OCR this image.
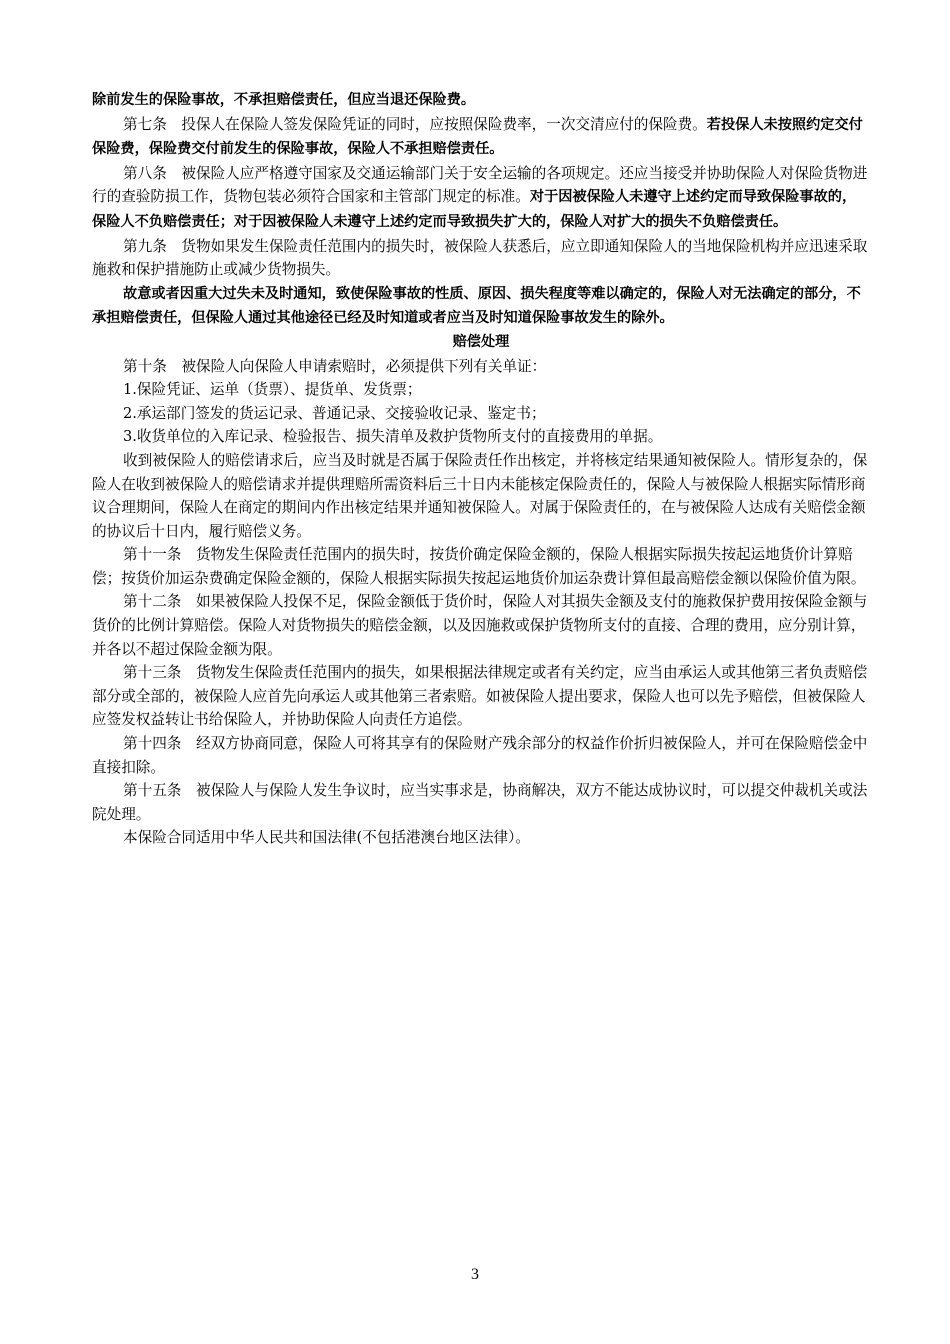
除前发生的保险事故，不承担赔偿责任，但应当退还保险费。

第七条　投保人在保险人签发保险凭证的同时，应按照保险费率，一次交清应付的保险费。若投保人未按照约定交付保险费，保险费交付前发生的保险事故，保险人不承担赔偿责任。

第八条　被保险人应严格遵守国家及交通运输部门关于安全运输的各项规定。还应当接受并协助保险人对保险货物进行的查验防损工作，货物包装必须符合国家和主管部门规定的标准。对于因被保险人未遵守上述约定而导致保险事故的，保险人不负赔偿责任；对于因被保险人未遵守上述约定而导致损失扩大的，保险人对扩大的损失不负赔偿责任。

第九条　货物如果发生保险责任范围内的损失时，被保险人获悉后，应立即通知保险人的当地保险机构并应迅速采取施救和保护措施防止或减少货物损失。

故意或者因重大过失未及时通知，致使保险事故的性质、原因、损失程度等难以确定的，保险人对无法确定的部分，不承担赔偿责任，但保险人通过其他途径已经及时知道或者应当及时知道保险事故发生的除外。

赔偿处理

第十条　被保险人向保险人申请索赔时，必须提供下列有关单证：

1.保险凭证、运单（货票）、提货单、发货票；

2.承运部门签发的货运记录、普通记录、交接验收记录、鉴定书；

3.收货单位的入库记录、检验报告、损失清单及救护货物所支付的直接费用的单据。

收到被保险人的赔偿请求后，应当及时就是否属于保险责任作出核定，并将核定结果通知被保险人。情形复杂的，保险人在收到被保险人的赔偿请求并提供理赔所需资料后三十日内未能核定保险责任的，保险人与被保险人根据实际情形商议合理期间，保险人在商定的期间内作出核定结果并通知被保险人。对属于保险责任的，在与被保险人达成有关赔偿金额的协议后十日内，履行赔偿义务。

第十一条　货物发生保险责任范围内的损失时，按货价确定保险金额的，保险人根据实际损失按起运地货价计算赔偿；按货价加运杂费确定保险金额的，保险人根据实际损失按起运地货价加运杂费计算但最高赔偿金额以保险价值为限。

第十二条　如果被保险人投保不足，保险金额低于货价时，保险人对其损失金额及支付的施救保护费用按保险金额与货价的比例计算赔偿。保险人对货物损失的赔偿金额，以及因施救或保护货物所支付的直接、合理的费用，应分别计算，并各以不超过保险金额为限。

第十三条　货物发生保险责任范围内的损失，如果根据法律规定或者有关约定，应当由承运人或其他第三者负责赔偿部分或全部的，被保险人应首先向承运人或其他第三者索赔。如被保险人提出要求，保险人也可以先予赔偿，但被保险人应签发权益转让书给保险人，并协助保险人向责任方追偿。

第十四条　经双方协商同意，保险人可将其享有的保险财产残余部分的权益作价折归被保险人，并可在保险赔偿金中直接扣除。

第十五条　被保险人与保险人发生争议时，应当实事求是，协商解决，双方不能达成协议时，可以提交仲裁机关或法院处理。

本保险合同适用中华人民共和国法律(不包括港澳台地区法律）。

3
